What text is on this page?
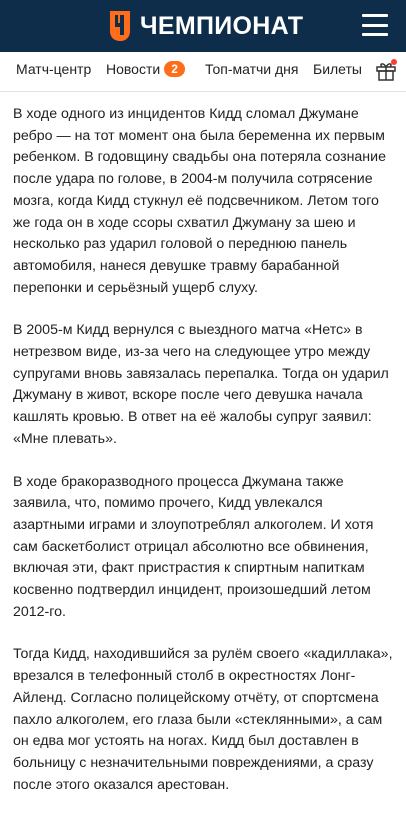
ЧЕМПИОНАТ
Матч-центр Новости 2	Топ-матчи дня Билеты

В ходе одного из инцидентов Кидд сломал Джумане ребро — на тот момент она была беременна их первым ребенком. В годовщину свадьбы она потеряла сознание после удара по голове, в 2004-м получила сотрясение мозга, когда Кидд стукнул её подсвечником. Летом того же года он в ходе ссоры схватил Джуману за шею и несколько раз ударил головой о переднюю панель автомобиля, нанеся девушке травму барабанной перепонки и серьёзный ущерб слуху.

В 2005-м Кидд вернулся с выездного матча «Нетс» в нетрезвом виде, из-за чего на следующее утро между супругами вновь завязалась перепалка. Тогда он ударил Джуману в живот, вскоре после чего девушка начала кашлять кровью. В ответ на её жалобы супруг заявил: «Мне плевать».

В ходе бракоразводного процесса Джумана также заявила, что, помимо прочего, Кидд увлекался азартными играми и злоупотреблял алкоголем. И хотя сам баскетболист отрицал абсолютно все обвинения, включая эти, факт пристрастия к спиртным напиткам косвенно подтвердил инцидент, произошедший летом 2012-го.

Тогда Кидд, находившийся за рулём своего «кадиллака», врезался в телефонный столб в окрестностях Лонг-Айленд. Согласно полицейскому отчёту, от спортсмена пахло алкоголем, его глаза были «стеклянными», а сам он едва мог устоять на ногах. Кидд был доставлен в больницу с незначительными повреждениями, а сразу после этого оказался арестован.
